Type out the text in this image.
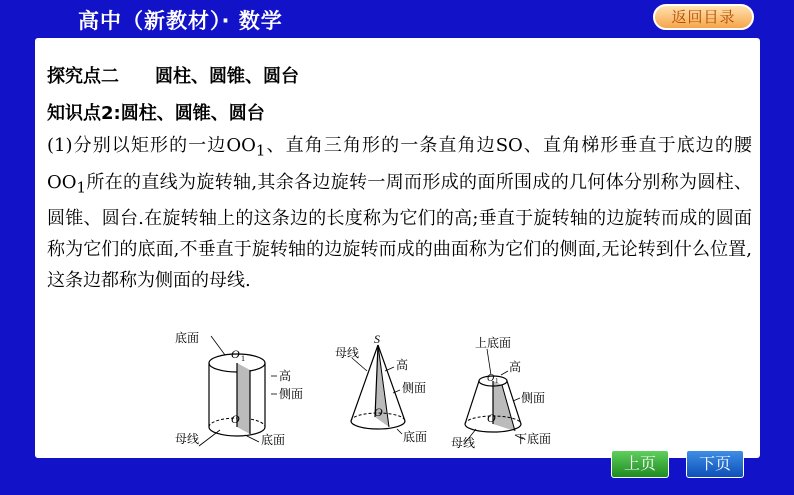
高中（新教材）· 数学	返回目录
探究点二　　圆柱、圆锥、圆台
知识点2:圆柱、圆锥、圆台

(1)分别以矩形的一边$OO_1$、直角三角形的一条直角边SO、直角梯形垂直于底边的腰$OO_1$所在的直线为旋转轴,其余各边旋转一周而形成的面所围成的几何体分别称为圆柱、圆锥、圆台.在旋转轴上的这条边的长度称为它们的高;垂直于旋转轴的边旋转而成的圆面称为它们的底面,不垂直于旋转轴的边旋转而成的曲面称为它们的侧面,无论转到什么位置,这条边都称为侧面的母线.

底面
O 1
O
高
侧面
母线	底面
S
母线
高
侧面
O
底面
上底面
O 1
高
侧面
O
母线	下底面
上页	下页
